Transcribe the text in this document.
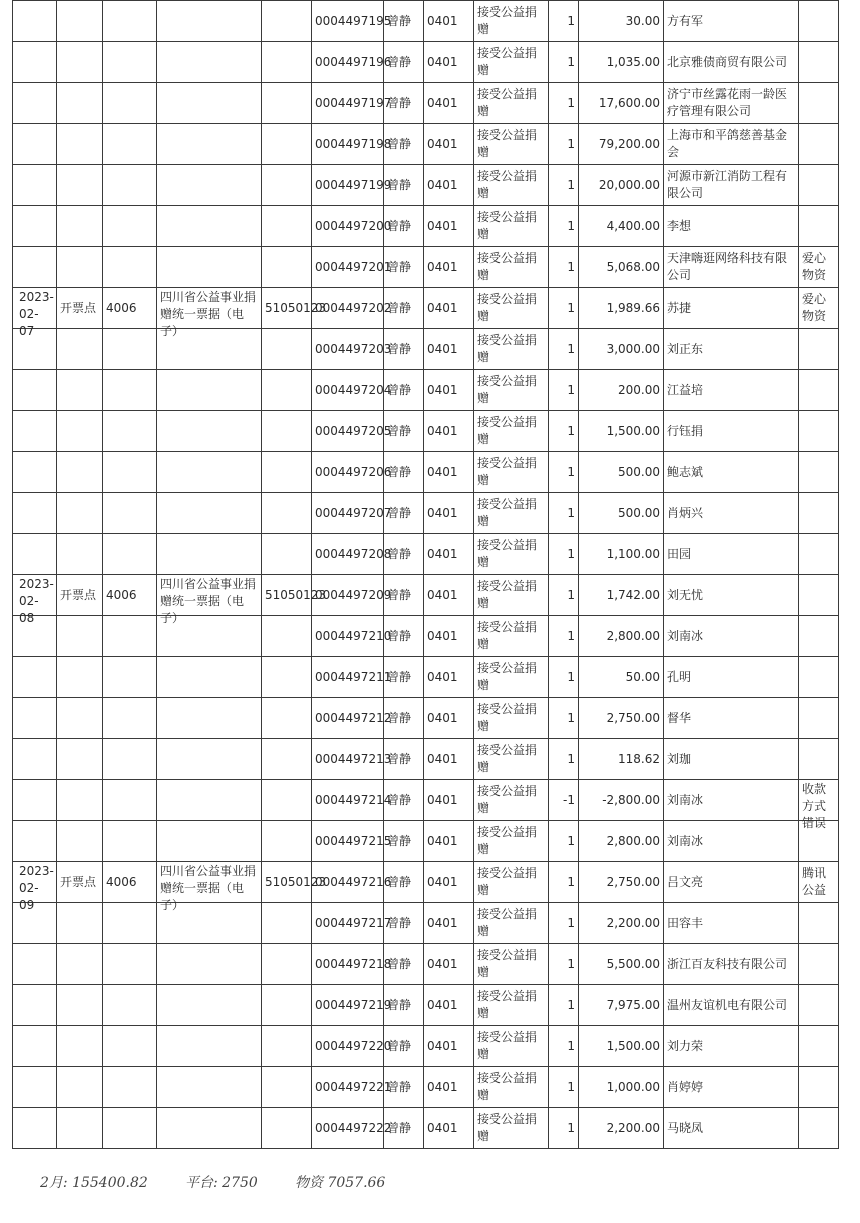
					0004497195	曾静	0401	接受公益捐赠	1	30.00	方有军	

					0004497196	曾静	0401	接受公益捐赠	1	1,035.00	北京雅债商贸有限公司	

					0004497197	曾静	0401	接受公益捐赠	1	17,600.00	济宁市丝露花雨一龄医疗管理有限公司	

					0004497198	曾静	0401	接受公益捐赠	1	79,200.00	上海市和平鸽慈善基金会	

					0004497199	曾静	0401	接受公益捐赠	1	20,000.00	河源市新江消防工程有限公司	

					0004497200	曾静	0401	接受公益捐赠	1	4,400.00	李想	

					0004497201	曾静	0401	接受公益捐赠	1	5,068.00	天津嗨逛网络科技有限公司	爱心物资

2023-02-07	开票点	4006	四川省公益事业捐赠统一票据（电子）	51050123	0004497202	曾静	0401	接受公益捐赠	1	1,989.66	苏捷	爱心物资

					0004497203	曾静	0401	接受公益捐赠	1	3,000.00	刘正东	

					0004497204	曾静	0401	接受公益捐赠	1	200.00	江益培	

					0004497205	曾静	0401	接受公益捐赠	1	1,500.00	行钰捐	

					0004497206	曾静	0401	接受公益捐赠	1	500.00	鲍志斌	

					0004497207	曾静	0401	接受公益捐赠	1	500.00	肖炳兴	

					0004497208	曾静	0401	接受公益捐赠	1	1,100.00	田园	

2023-02-08	开票点	4006	四川省公益事业捐赠统一票据（电子）	51050123	0004497209	曾静	0401	接受公益捐赠	1	1,742.00	刘无忧	

					0004497210	曾静	0401	接受公益捐赠	1	2,800.00	刘南冰	

					0004497211	曾静	0401	接受公益捐赠	1	50.00	孔明	

					0004497212	曾静	0401	接受公益捐赠	1	2,750.00	督华	

					0004497213	曾静	0401	接受公益捐赠	1	118.62	刘珈	

					0004497214	曾静	0401	接受公益捐赠	-1	-2,800.00	刘南冰	收款方式错误

					0004497215	曾静	0401	接受公益捐赠	1	2,800.00	刘南冰	

2023-02-09	开票点	4006	四川省公益事业捐赠统一票据（电子）	51050123	0004497216	曾静	0401	接受公益捐赠	1	2,750.00	吕文亮	腾讯公益

					0004497217	曾静	0401	接受公益捐赠	1	2,200.00	田容丰	

					0004497218	曾静	0401	接受公益捐赠	1	5,500.00	浙江百友科技有限公司	

					0004497219	曾静	0401	接受公益捐赠	1	7,975.00	温州友谊机电有限公司	

					0004497220	曾静	0401	接受公益捐赠	1	1,500.00	刘力荣	

					0004497221	曾静	0401	接受公益捐赠	1	1,000.00	肖婷婷	

					0004497222	曾静	0401	接受公益捐赠	1	2,200.00	马晓凤	

2月: 155400.82	平台: 2750	物资 7057.66
